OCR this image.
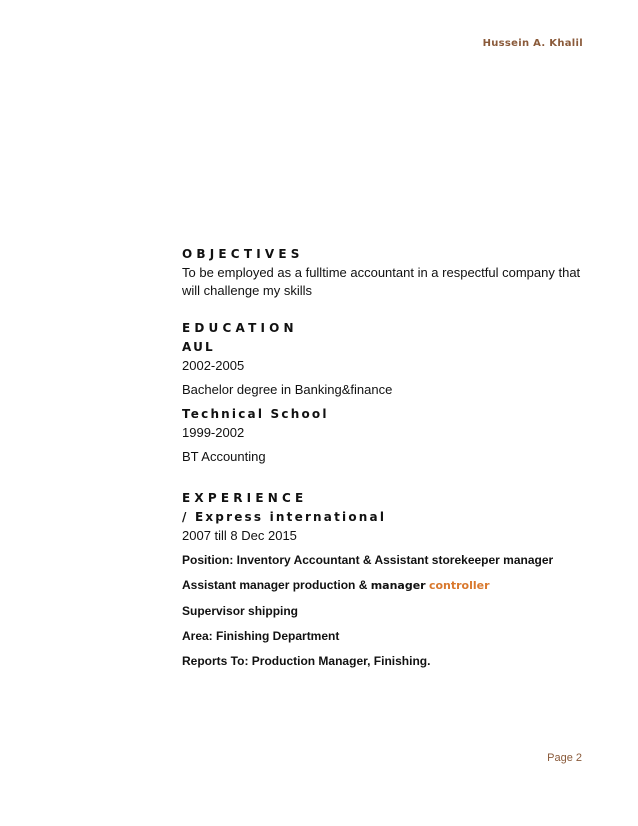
Hussein A. Khalil
OBJECTIVES
To be employed as a fulltime accountant in a respectful company that
will challenge my skills
EDUCATION
AUL
2002-2005
Bachelor degree in Banking&finance
Technical School
1999-2002
BT Accounting
EXPERIENCE
/ Express international
2007 till 8 Dec 2015
Position: Inventory Accountant & Assistant storekeeper manager
Assistant manager production & manager controller
Supervisor shipping
Area: Finishing Department
Reports To: Production Manager, Finishing.
Page 2
